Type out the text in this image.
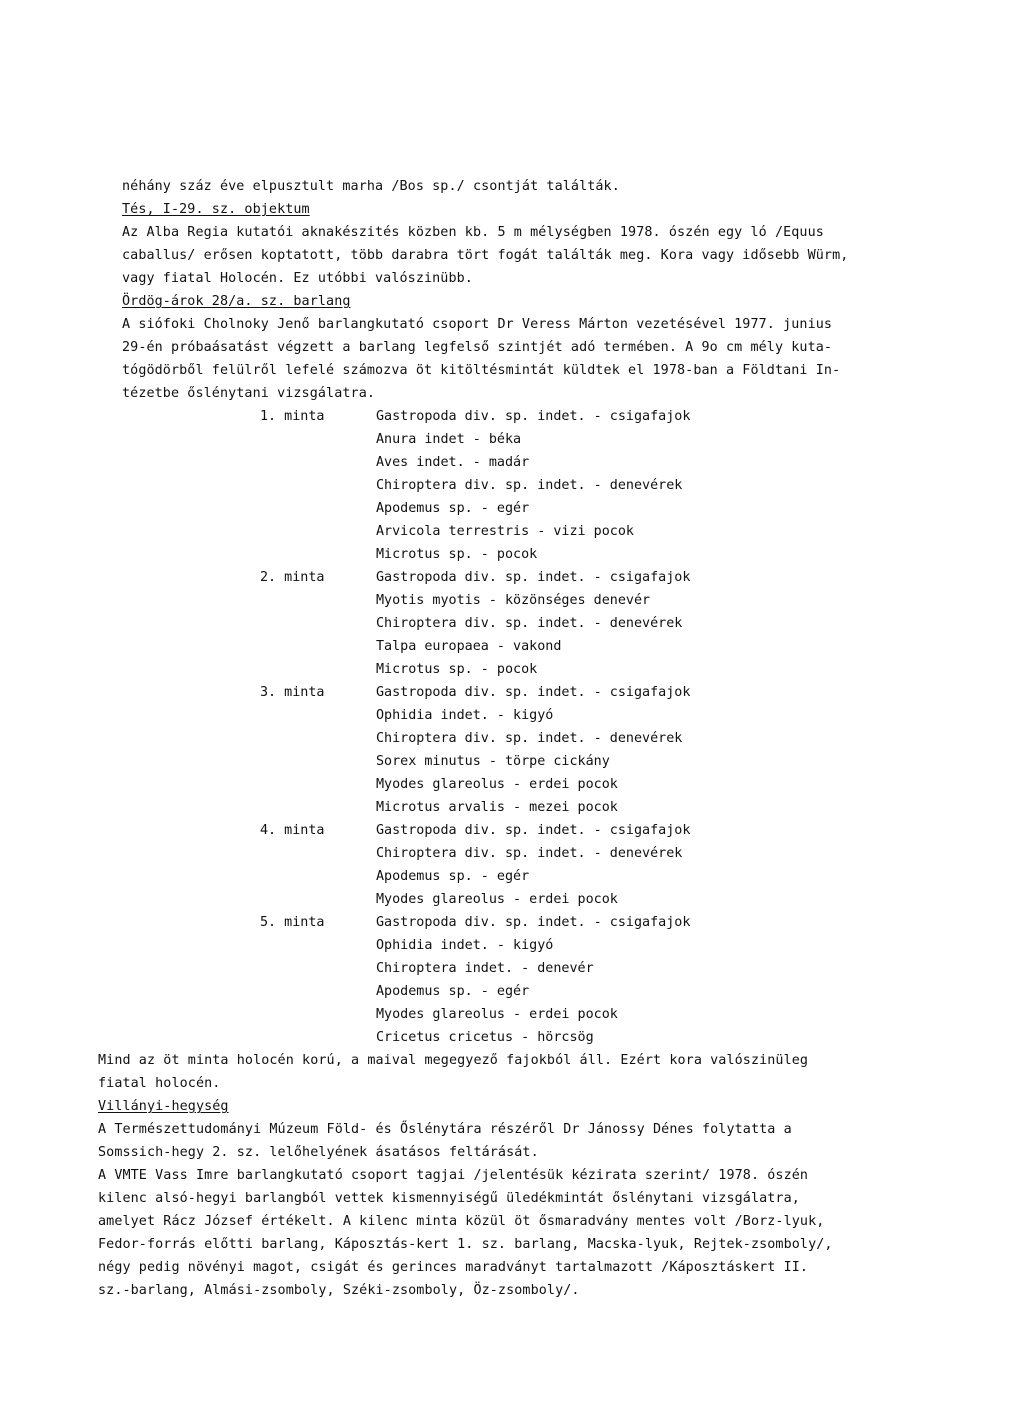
néhány száz éve elpusztult marha /Bos sp./ csontját találták.
Tés, I-29. sz. objektum
Az Alba Regia kutatói aknakészités közben kb. 5 m mélységben 1978. ószén egy ló /Equus
caballus/ erősen koptatott, több darabra tört fogát találták meg. Kora vagy idősebb Würm,
vagy fiatal Holocén. Ez utóbbi valószinübb.
Ördög-árok 28/a. sz. barlang
A siófoki Cholnoky Jenő barlangkutató csoport Dr Veress Márton vezetésével 1977. junius
29-én próbaásatást végzett a barlang legfelső szintjét adó termében. A 9o cm mély kuta-
tógödörből felülről lefelé számozva öt kitöltésmintát küldtek el 1978-ban a Földtani In-
tézetbe őslénytani vizsgálatra.
1. minta	Gastropoda div. sp. indet. - csigafajok
Anura indet - béka
Aves indet. - madár
Chiroptera div. sp. indet. - denevérek
Apodemus sp. - egér
Arvicola terrestris - vizi pocok
Microtus sp. - pocok
2. minta	Gastropoda div. sp. indet. - csigafajok
Myotis myotis - közönséges denevér
Chiroptera div. sp. indet. - denevérek
Talpa europaea - vakond
Microtus sp. - pocok
3. minta	Gastropoda div. sp. indet. - csigafajok
Ophidia indet. - kigyó
Chiroptera div. sp. indet. - denevérek
Sorex minutus - törpe cickány
Myodes glareolus - erdei pocok
Microtus arvalis - mezei pocok
4. minta	Gastropoda div. sp. indet. - csigafajok
Chiroptera div. sp. indet. - denevérek
Apodemus sp. - egér
Myodes glareolus - erdei pocok
5. minta	Gastropoda div. sp. indet. - csigafajok
Ophidia indet. - kigyó
Chiroptera indet. - denevér
Apodemus sp. - egér
Myodes glareolus - erdei pocok
Cricetus cricetus - hörcsög
Mind az öt minta holocén korú, a maival megegyező fajokból áll. Ezért kora valószinüleg
fiatal holocén.
Villányi-hegység
A Természettudományi Múzeum Föld- és Őslénytára részéről Dr Jánossy Dénes folytatta a
Somssich-hegy 2. sz. lelőhelyének ásatásos feltárását.
A VMTE Vass Imre barlangkutató csoport tagjai /jelentésük kézirata szerint/ 1978. ószén
kilenc alsó-hegyi barlangból vettek kismennyiségű üledékmintát őslénytani vizsgálatra,
amelyet Rácz József értékelt. A kilenc minta közül öt ősmaradvány mentes volt /Borz-lyuk,
Fedor-forrás előtti barlang, Káposztás-kert 1. sz. barlang, Macska-lyuk, Rejtek-zsomboly/,
négy pedig növényi magot, csigát és gerinces maradványt tartalmazott /Káposztáskert II.
sz.-barlang, Almási-zsomboly, Széki-zsomboly, Öz-zsomboly/.
